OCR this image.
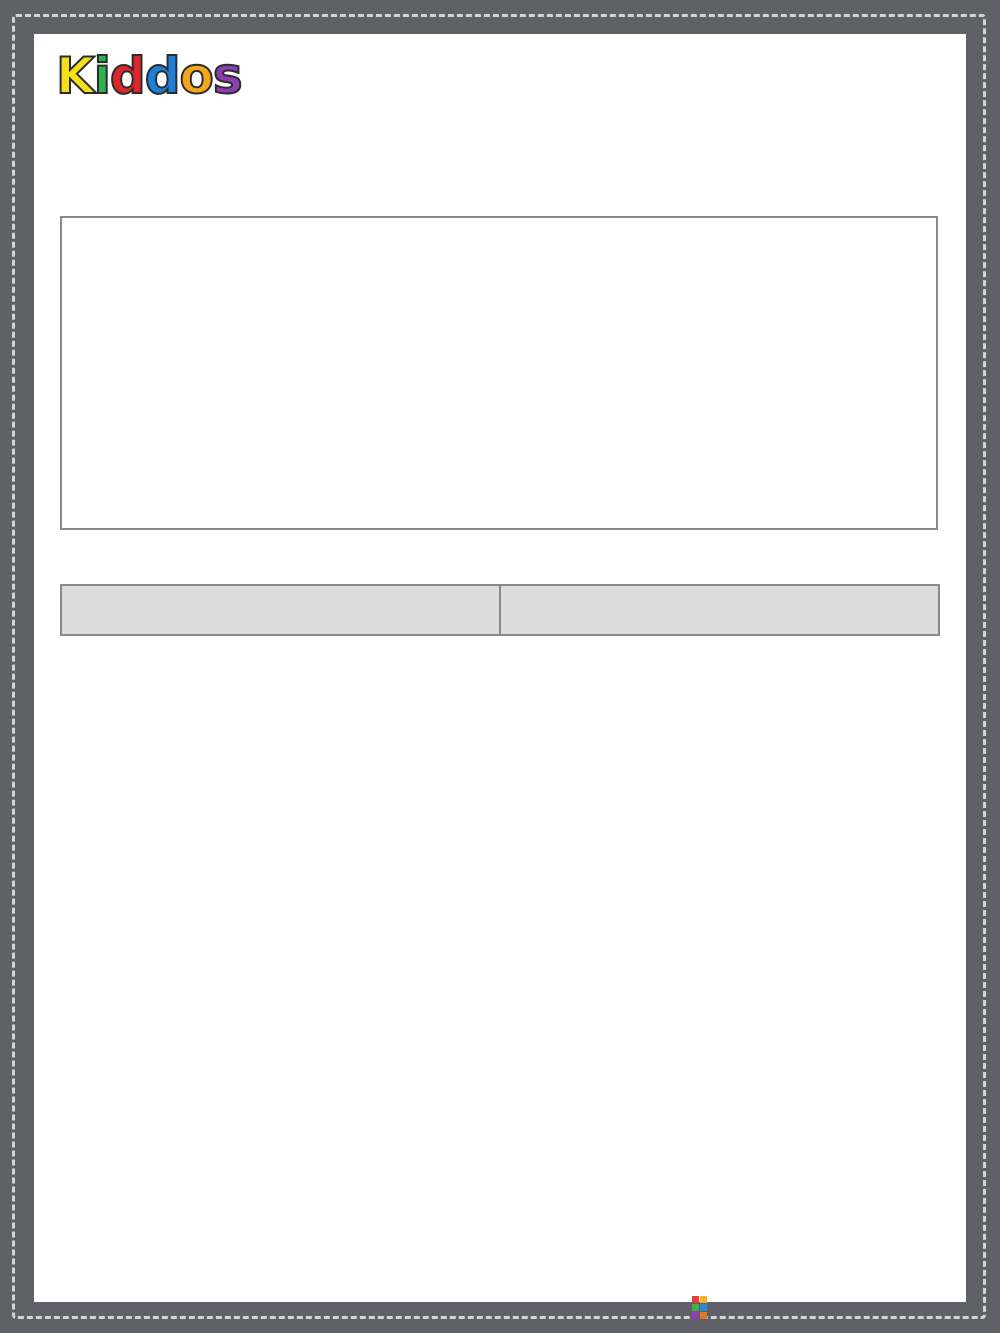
Kiddos
